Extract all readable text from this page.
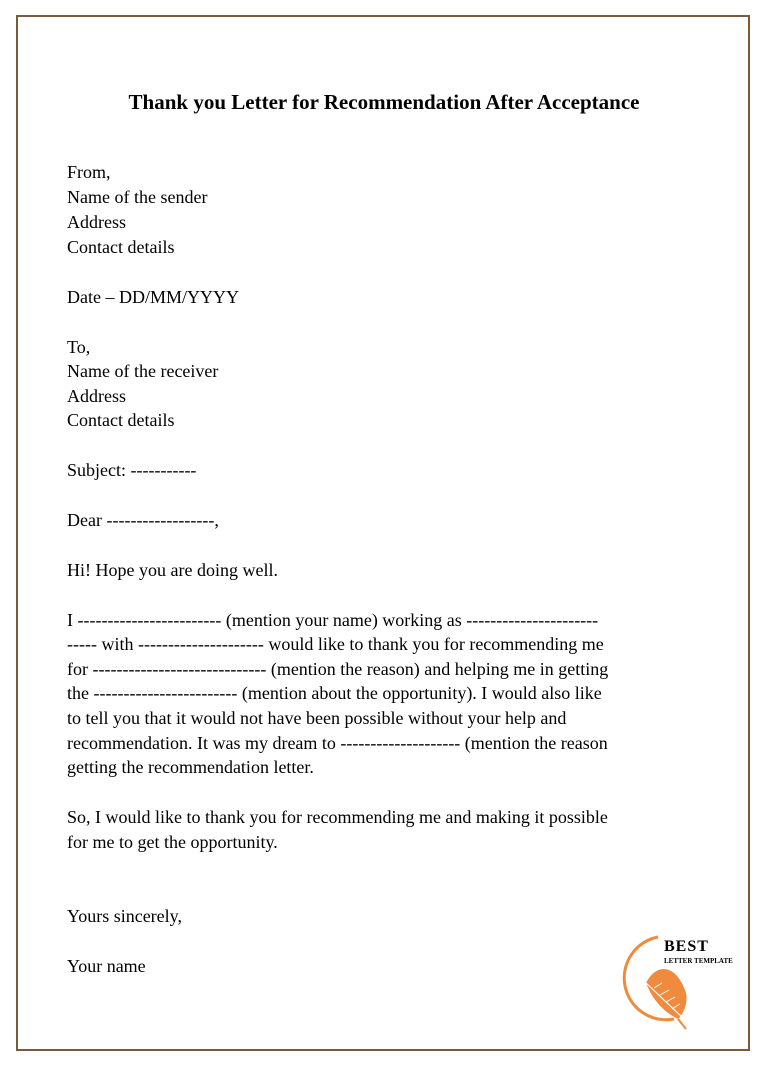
Thank you Letter for Recommendation After Acceptance
From,
Name of the sender
Address
Contact details
Date – DD/MM/YYYY
To,
Name of the receiver
Address
Contact details
Subject: -----------
Dear ------------------,
Hi! Hope you are doing well.
I ------------------------ (mention your name) working as ----------------------
----- with --------------------- would like to thank you for recommending me
for ----------------------------- (mention the reason) and helping me in getting
the ------------------------ (mention about the opportunity). I would also like
to tell you that it would not have been possible without your help and
recommendation. It was my dream to -------------------- (mention the reason
getting the recommendation letter.
So, I would like to thank you for recommending me and making it possible
for me to get the opportunity.
Yours sincerely,
Your name
BEST
LETTER TEMPLATE
